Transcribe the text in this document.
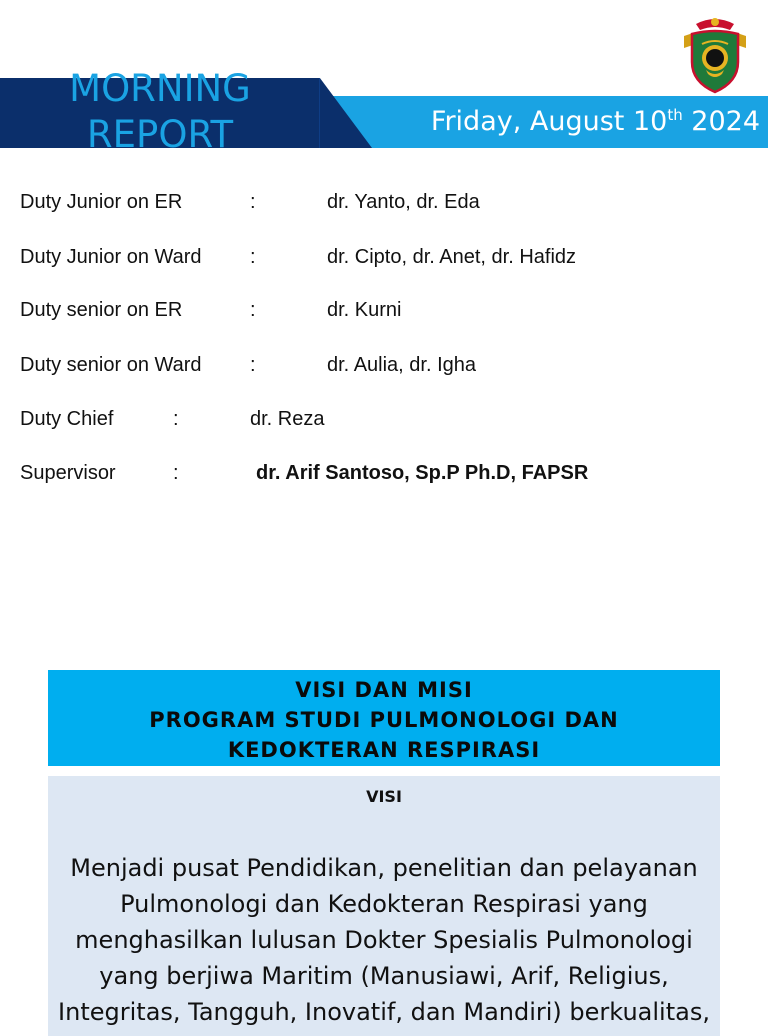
MORNING
REPORT	Friday, August 10th 2024
Duty Junior on ER	:	dr. Yanto, dr. Eda
Duty Junior on Ward :	dr. Cipto, dr. Anet, dr. Hafidz
Duty senior on ER	:	dr. Kurni
Duty senior on Ward :	dr. Aulia, dr. Igha
Duty Chief	:	dr. Reza
Supervisor	:	dr. Arif Santoso, Sp.P Ph.D, FAPSR
VISI DAN MISI
PROGRAM STUDI PULMONOLOGI DAN
KEDOKTERAN RESPIRASI
VISI
Menjadi pusat Pendidikan, penelitian dan pelayanan Pulmonologi dan Kedokteran Respirasi yang menghasilkan lulusan Dokter Spesialis Pulmonologi yang berjiwa Maritim (Manusiawi, Arif, Religius, Integritas, Tangguh, Inovatif, dan Mandiri) berkualitas,
